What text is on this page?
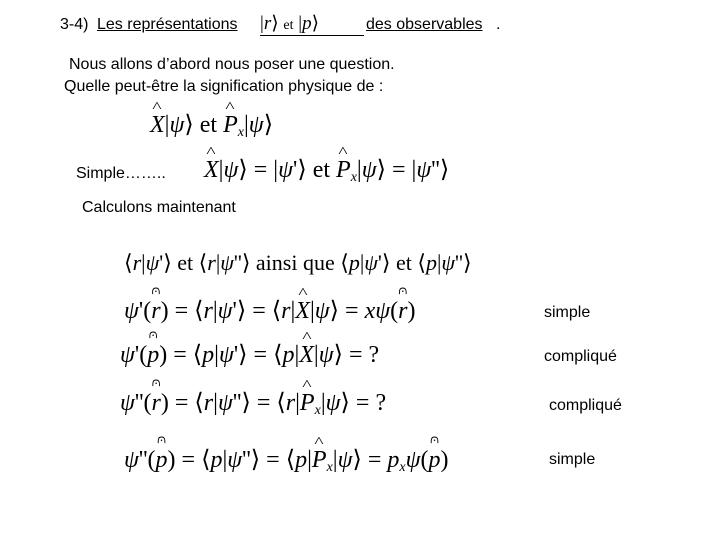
3-4) Les représentations |r⟩ et |p⟩	des observables .
Nous allons d’abord nous poser une question.
Quelle peut-être la signification physique de :
^ X|ψ⟩ et ^ $P_x|\psi⟩$
Simple…….. ^ X|ψ⟩ = |ψ'⟩ et ^ $P_x|\psi⟩$ = |ψ''⟩
Calculons maintenant
⟨r|ψ'⟩ et ⟨r|ψ''⟩ ainsi que ⟨p|ψ'⟩ et ⟨p|ψ''⟩
ψ'(⩀ r) = ⟨r|ψ'⟩ = ⟨r|^ X|ψ⟩ = xψ(⩀ r)	simple
ψ'(⩀ p) = ⟨p|ψ'⟩ = ⟨p|^ X|ψ⟩ = ?	compliqué
ψ''(⩀ r) = ⟨r|ψ''⟩ = ⟨r|^ $P_x|\psi⟩$ = ?	compliqué
ψ''(⩀ p) = ⟨p|ψ''⟩ = ⟨p|^ $P_x|\psi⟩$ = $p_x\psi(⩀$ p)	simple
